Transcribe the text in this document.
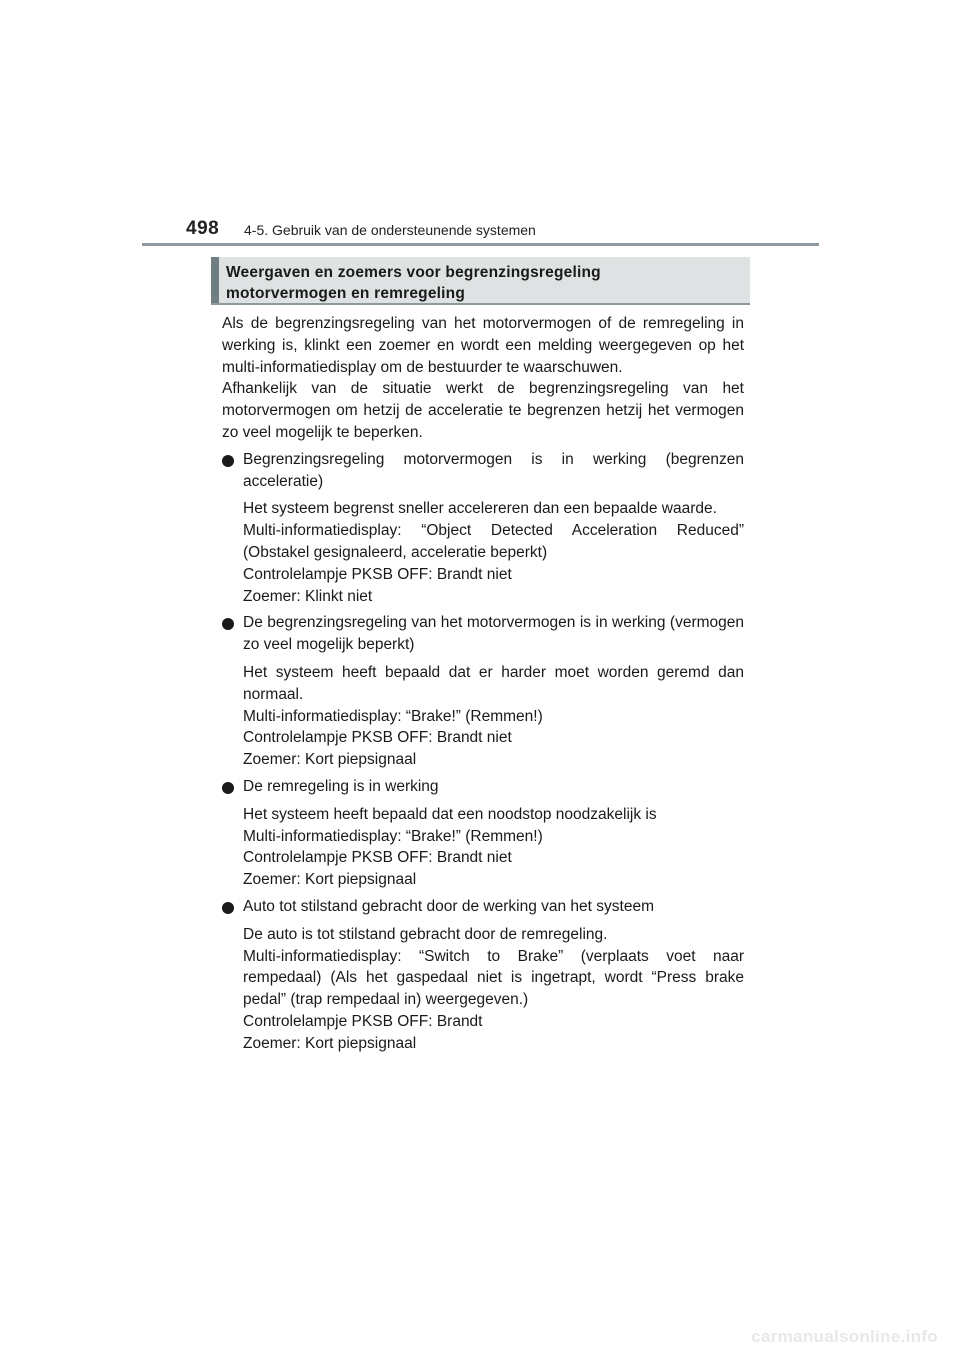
498 4-5. Gebruik van de ondersteunende systemen
Weergaven en zoemers voor begrenzingsregeling
motorvermogen en remregeling

Als de begrenzingsregeling van het motorvermogen of de remregeling in werking is, klinkt een zoemer en wordt een melding weergegeven op het multi-informatiedisplay om de bestuurder te waarschuwen.

Afhankelijk van de situatie werkt de begrenzingsregeling van het motorvermogen om hetzij de acceleratie te begrenzen hetzij het vermogen zo veel mogelijk te beperken.

Begrenzingsregeling motorvermogen is in werking (begrenzen acceleratie)
Het systeem begrenst sneller accelereren dan een bepaalde waarde.
Multi-informatiedisplay: “Object Detected Acceleration Reduced” (Obstakel gesignaleerd, acceleratie beperkt)
Controlelampje PKSB OFF: Brandt niet
Zoemer: Klinkt niet
De begrenzingsregeling van het motorvermogen is in werking (vermogen zo veel mogelijk beperkt)
Het systeem heeft bepaald dat er harder moet worden geremd dan normaal.
Multi-informatiedisplay: “Brake!” (Remmen!)
Controlelampje PKSB OFF: Brandt niet
Zoemer: Kort piepsignaal
De remregeling is in werking
Het systeem heeft bepaald dat een noodstop noodzakelijk is
Multi-informatiedisplay: “Brake!” (Remmen!)
Controlelampje PKSB OFF: Brandt niet
Zoemer: Kort piepsignaal
Auto tot stilstand gebracht door de werking van het systeem
De auto is tot stilstand gebracht door de remregeling.
Multi-informatiedisplay: “Switch to Brake” (verplaats voet naar rempedaal) (Als het gaspedaal niet is ingetrapt, wordt “Press brake pedal” (trap rempedaal in) weergegeven.)
Controlelampje PKSB OFF: Brandt
Zoemer: Kort piepsignaal
carmanualsonline.info
